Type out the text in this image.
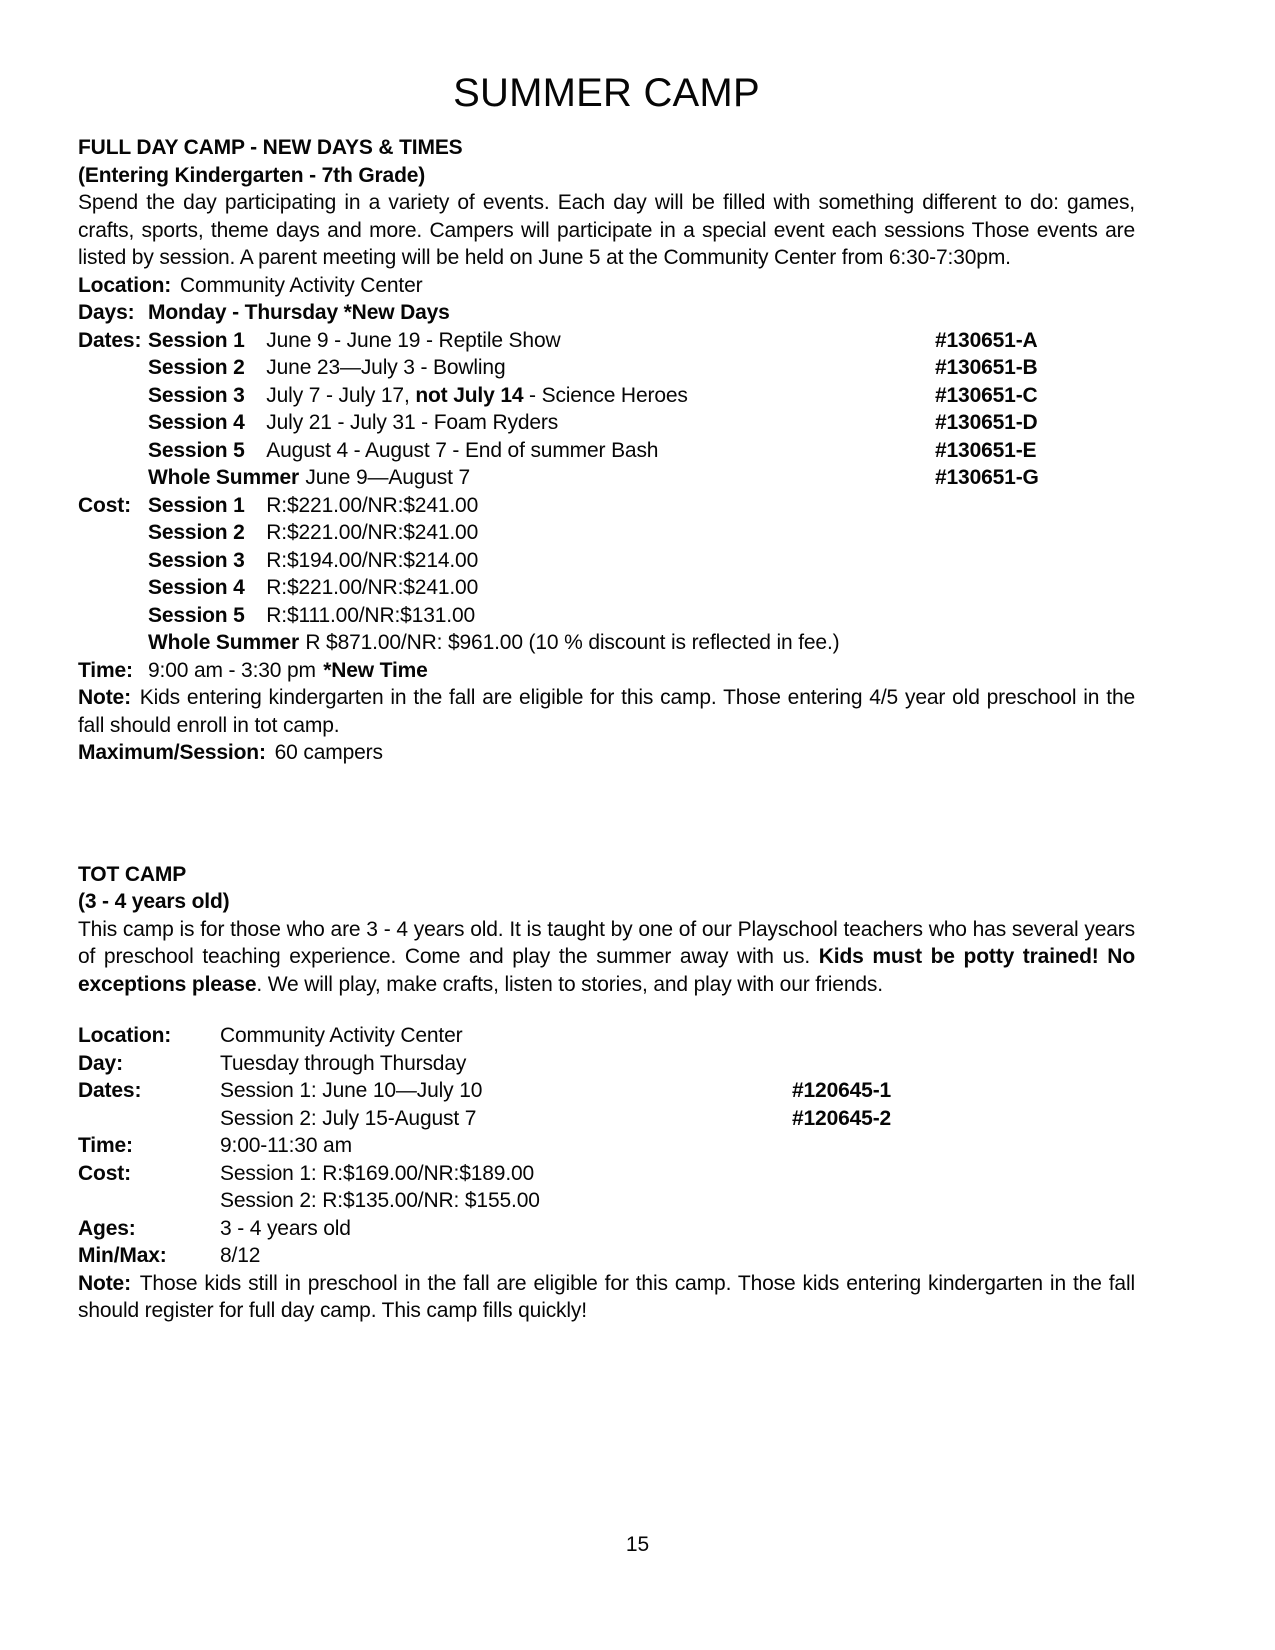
SUMMER CAMP
FULL DAY CAMP - NEW DAYS & TIMES
(Entering Kindergarten - 7th Grade)

Spend the day participating in a variety of events. Each day will be filled with something different to do: games, crafts, sports, theme days and more. Campers will participate in a special event each sessions Those events are listed by session. A parent meeting will be held on June 5 at the Community Center from 6:30-7:30pm.

Location: Community Activity Center
Days: Monday - Thursday *New Days
Dates: Session 1 June 9 - June 19 - Reptile Show	#130651-A
Session 2 June 23—July 3 - Bowling	#130651-B
Session 3 July 7 - July 17, not July 14 - Science Heroes	#130651-C
Session 4 July 21 - July 31 - Foam Ryders	#130651-D
Session 5 August 4 - August 7 - End of summer Bash	#130651-E
Whole Summer June 9—August 7	#130651-G
Cost: Session 1 R:$221.00/NR:$241.00
Session 2 R:$221.00/NR:$241.00
Session 3 R:$194.00/NR:$214.00
Session 4 R:$221.00/NR:$241.00
Session 5 R:$111.00/NR:$131.00
Whole Summer R $871.00/NR: $961.00 (10 % discount is reflected in fee.)
Time: 9:00 am - 3:30 pm *New Time

Note: Kids entering kindergarten in the fall are eligible for this camp. Those entering 4/5 year old preschool in the fall should enroll in tot camp.

Maximum/Session: 60 campers
TOT CAMP
(3 - 4 years old)

This camp is for those who are 3 - 4 years old. It is taught by one of our Playschool teachers who has several years of preschool teaching experience. Come and play the summer away with us. Kids must be potty trained! No exceptions please. We will play, make crafts, listen to stories, and play with our friends.

Location:	Community Activity Center
Day:	Tuesday through Thursday
Dates:	Session 1: June 10—July 10	#120645-1
Session 2: July 15-August 7	#120645-2
Time:	9:00-11:30 am
Cost:	Session 1: R:$169.00/NR:$189.00
Session 2: R:$135.00/NR: $155.00
Ages:	3 - 4 years old
Min/Max:	8/12

Note: Those kids still in preschool in the fall are eligible for this camp. Those kids entering kindergarten in the fall should register for full day camp. This camp fills quickly!

15
